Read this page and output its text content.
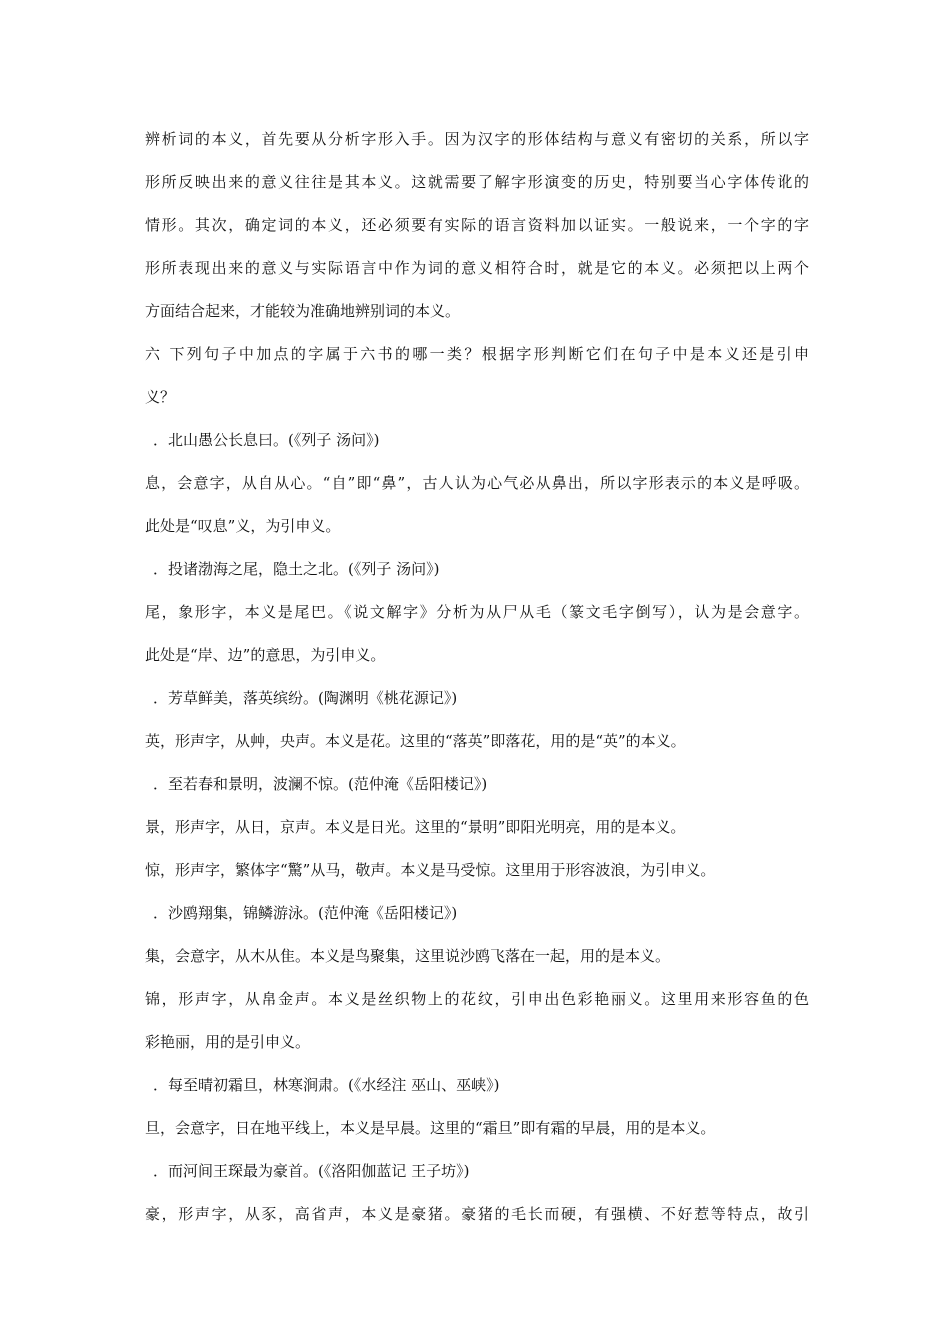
辨析词的本义，首先要从分析字形入手。因为汉字的形体结构与意义有密切的关系，所以字
形所反映出来的意义往往是其本义。这就需要了解字形演变的历史，特别要当心字体传讹的
情形。其次，确定词的本义，还必须要有实际的语言资料加以证实。一般说来，一个字的字
形所表现出来的意义与实际语言中作为词的意义相符合时，就是它的本义。必须把以上两个
方面结合起来，才能较为准确地辨别词的本义。
六 下列句子中加点的字属于六书的哪一类？根据字形判断它们在句子中是本义还是引申
义？
．北山愚公长息曰。(《列子 汤问》)
息，会意字，从自从心。“自”即“鼻”，古人认为心气必从鼻出，所以字形表示的本义是呼吸。
此处是“叹息”义，为引申义。
．投诸渤海之尾，隐土之北。(《列子 汤问》)
尾，象形字，本义是尾巴。《说文解字》分析为从尸从毛（篆文毛字倒写），认为是会意字。
此处是“岸、边”的意思，为引申义。
．芳草鲜美，落英缤纷。(陶渊明《桃花源记》)
英，形声字，从艸，央声。本义是花。这里的“落英”即落花，用的是“英”的本义。
．至若春和景明，波澜不惊。(范仲淹《岳阳楼记》)
景，形声字，从日，京声。本义是日光。这里的“景明”即阳光明亮，用的是本义。
惊，形声字，繁体字“驚”从马，敬声。本义是马受惊。这里用于形容波浪，为引申义。
．沙鸥翔集，锦鳞游泳。(范仲淹《岳阳楼记》)
集，会意字，从木从隹。本义是鸟聚集，这里说沙鸥飞落在一起，用的是本义。
锦，形声字，从帛金声。本义是丝织物上的花纹，引申出色彩艳丽义。这里用来形容鱼的色
彩艳丽，用的是引申义。
．每至晴初霜旦，林寒涧肃。(《水经注 巫山、巫峡》)
旦，会意字，日在地平线上，本义是早晨。这里的“霜旦”即有霜的早晨，用的是本义。
．而河间王琛最为豪首。(《洛阳伽蓝记 王子坊》)
豪，形声字，从豕，高省声，本义是豪猪。豪猪的毛长而硬，有强横、不好惹等特点，故引
